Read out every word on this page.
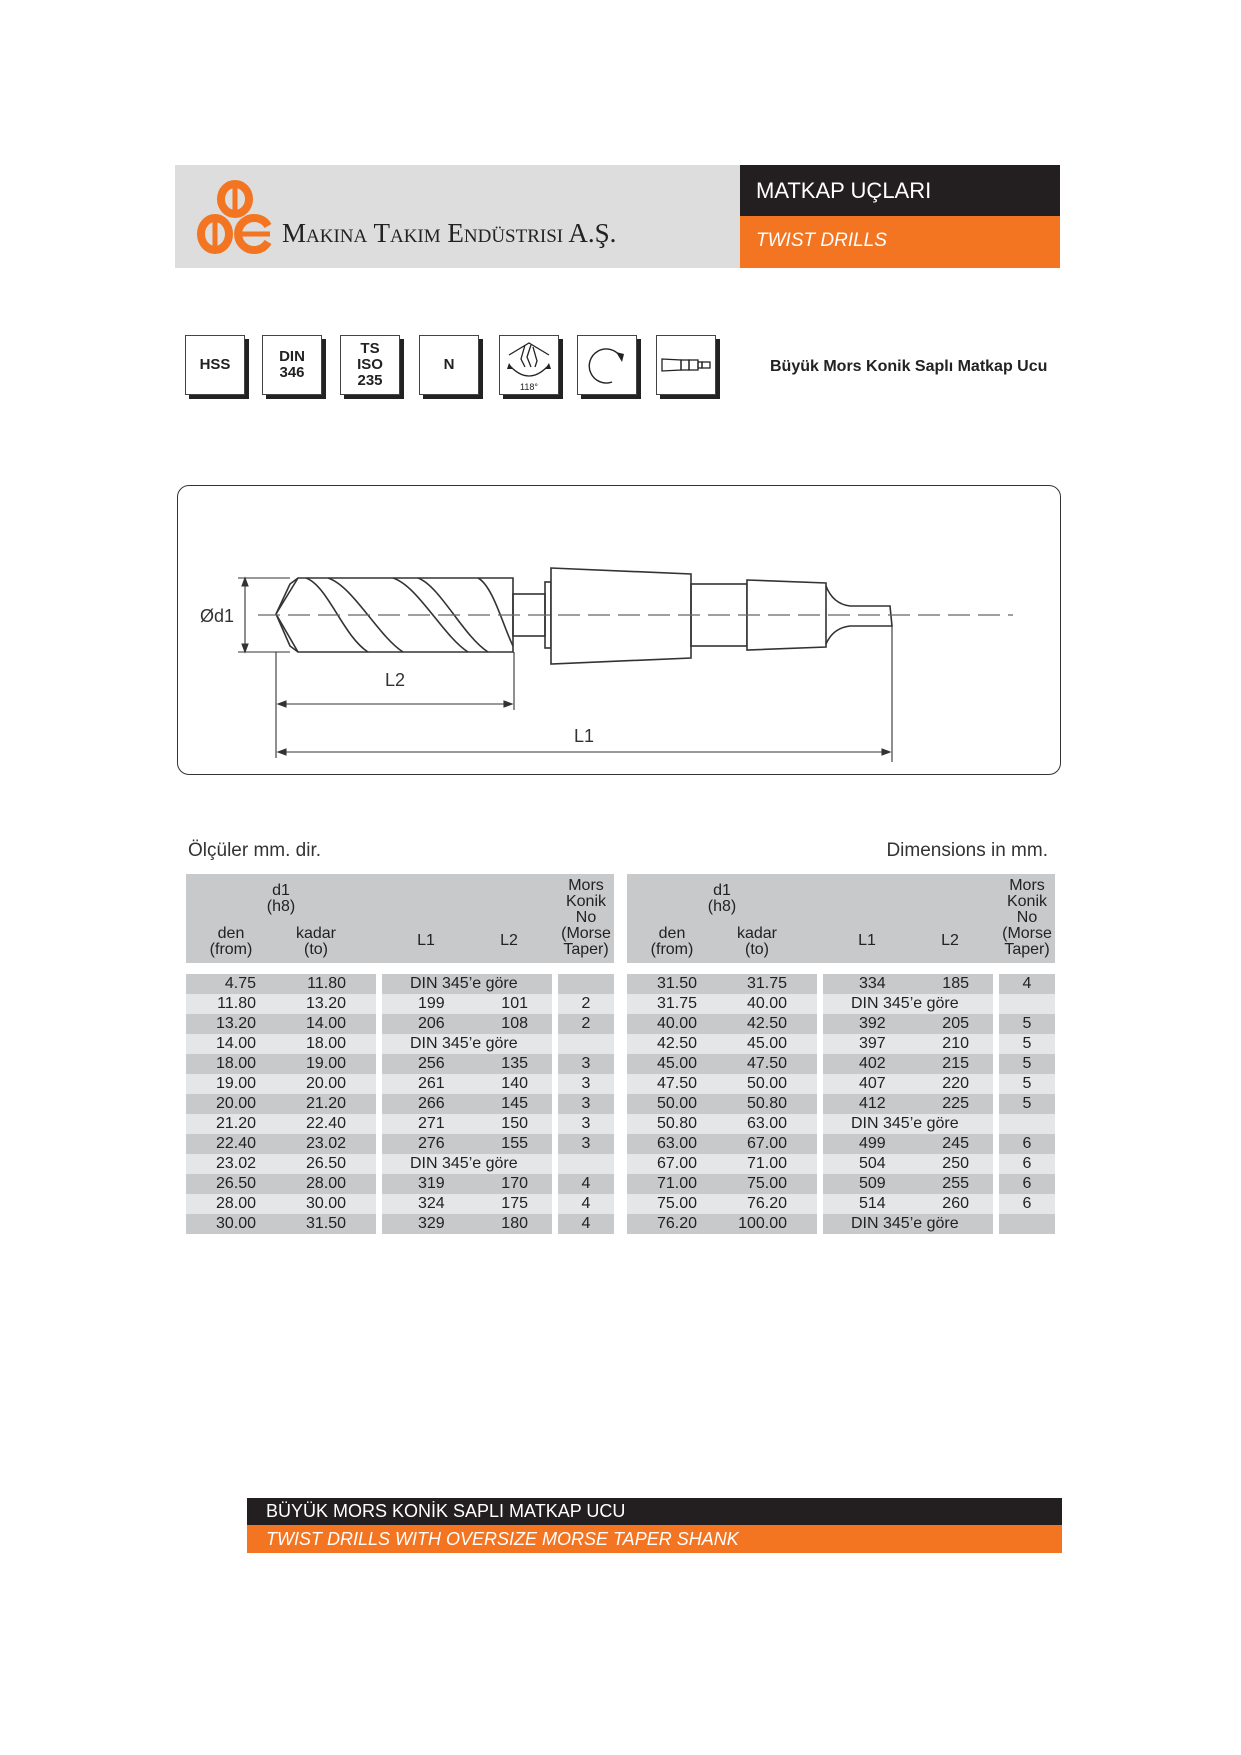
Makina Takım Endüstrisi A.Ş.
MATKAP UÇLARI
TWIST DRILLS
HSS	DIN
346
TS
ISO
235
N
118°
Büyük Mors Konik Saplı Matkap Ucu
Ød1
L2
L1
Ölçüler mm. dir.	Dimensions in mm.
d1
(h8)
den
(from)
kadar
(to)
L1	L2
Mors
Konik
No
(Morse
Taper)
4.75	11.80	DIN 345’e göre
11.80	13.20	199	101	2
13.20	14.00	206	108	2
14.00	18.00	DIN 345’e göre
18.00	19.00	256	135	3
19.00	20.00	261	140	3
20.00	21.20	266	145	3
21.20	22.40	271	150	3
22.40	23.02	276	155	3
23.02	26.50	DIN 345’e göre
26.50	28.00	319	170	4
28.00	30.00	324	175	4
30.00	31.50	329	180	4
d1
(h8)
den
(from)
kadar
(to)
L1	L2
Mors
Konik
No
(Morse
Taper)
31.50	31.75	334	185	4
31.75	40.00	DIN 345’e göre
40.00	42.50	392	205	5
42.50	45.00	397	210	5
45.00	47.50	402	215	5
47.50	50.00	407	220	5
50.00	50.80	412	225	5
50.80	63.00	DIN 345’e göre
63.00	67.00	499	245	6
67.00	71.00	504	250	6
71.00	75.00	509	255	6
75.00	76.20	514	260	6
76.20	100.00	DIN 345’e göre
BÜYÜK MORS KONİK SAPLI MATKAP UCU
TWIST DRILLS WITH OVERSIZE MORSE TAPER SHANK
